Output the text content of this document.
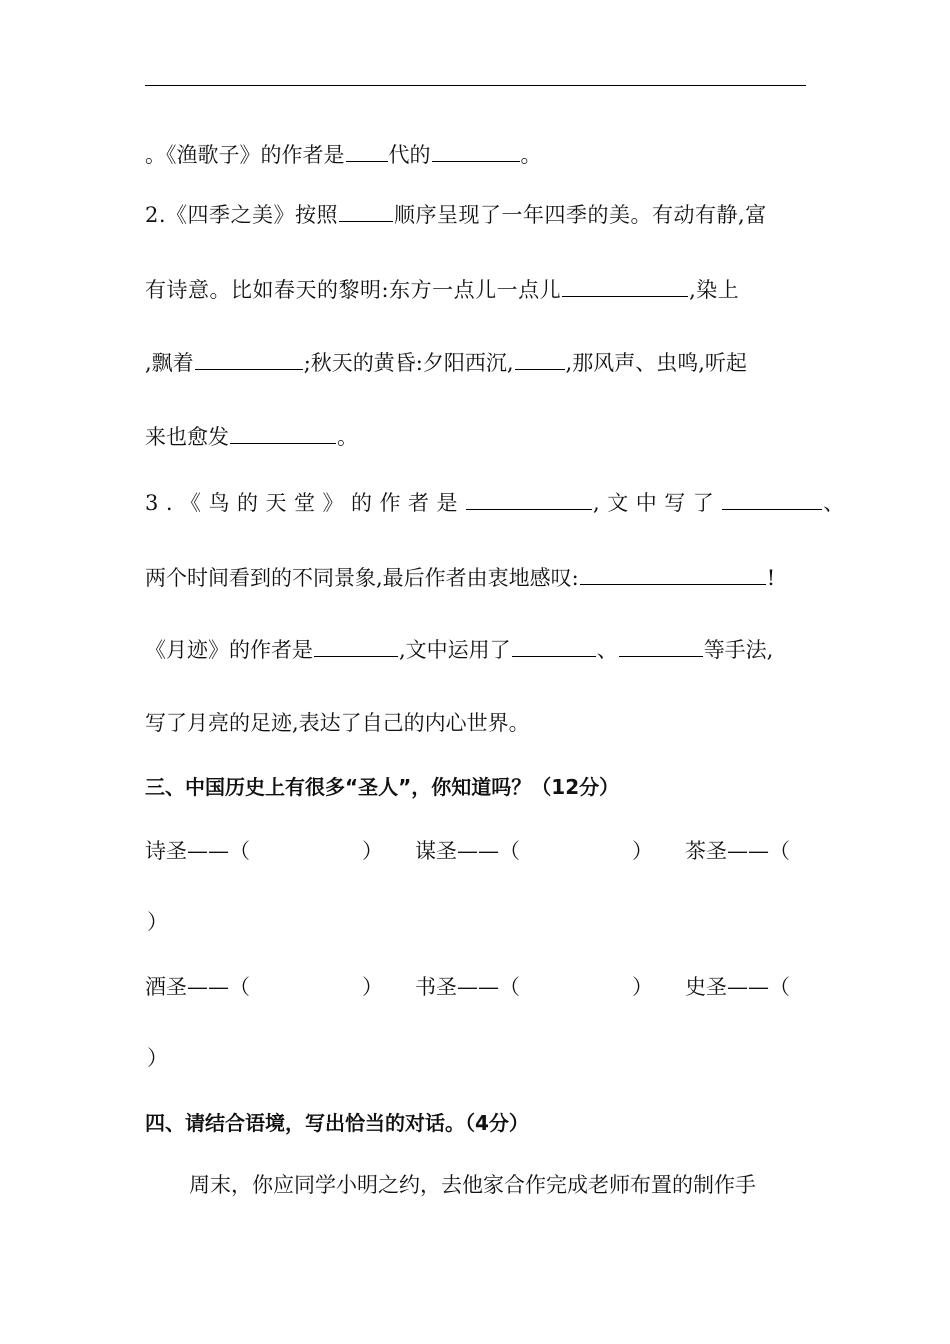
。《渔歌子》的作者是 代的	。
2.《四季之美》按照	顺序呈现了一年四季的美。有动有静,富
有诗意。比如春天的黎明:东方一点儿一点儿	,染上
,飘着	;秋天的黄昏:夕阳西沉, ,那风声、虫鸣,听起
来也愈发	。
3.《鸟的天堂》的作者是	,文中写了	、
两个时间看到的不同景象,最后作者由衷地感叹:	!
《月迹》的作者是	,文中运用了	、	等手法,
写了月亮的足迹,表达了自己的内心世界。
三、中国历史上有很多“圣人”，你知道吗？（12分）
诗圣——（	） 谋圣——（	） 茶圣——（
）
酒圣——（	） 书圣——（	） 史圣——（
）
四、请结合语境，写出恰当的对话。（4分）
周末，你应同学小明之约，去他家合作完成老师布置的制作手
